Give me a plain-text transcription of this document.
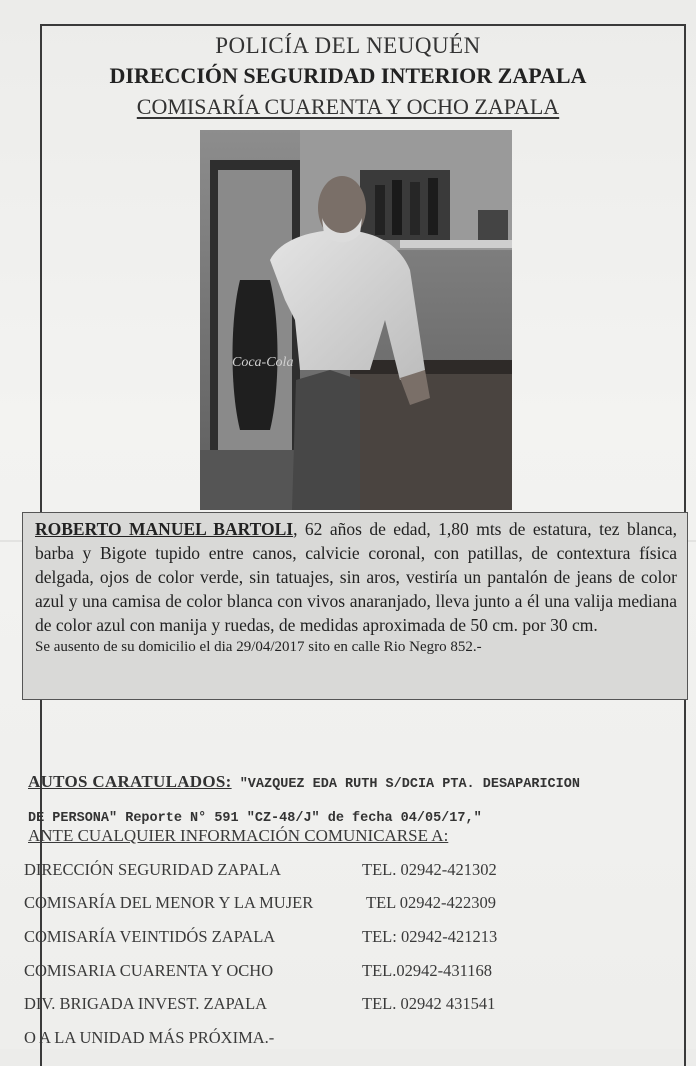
POLICÍA DEL NEUQUÉN
DIRECCIÓN SEGURIDAD INTERIOR ZAPALA
COMISARÍA CUARENTA Y OCHO ZAPALA
Coca-Cola
ROBERTO MANUEL BARTOLI, 62 años de edad, 1,80 mts de estatura, tez blanca, barba y Bigote tupido entre canos, calvicie coronal, con patillas, de contextura física delgada, ojos de color verde, sin tatuajes, sin aros, vestiría un pantalón de jeans de color azul y una camisa de color blanca con vivos anaranjado, lleva junto a él una valija mediana de color azul con manija y ruedas, de medidas aproximada de 50 cm. por 30 cm.
Se ausento de su domicilio el dia 29/04/2017 sito en calle Rio Negro 852.-
AUTOS CARATULADOS: "VAZQUEZ EDA RUTH S/DCIA PTA. DESAPARICION
DE PERSONA" Reporte N° 591 "CZ-48/J" de fecha 04/05/17,"
ANTE CUALQUIER INFORMACIÓN COMUNICARSE A:
DIRECCIÓN SEGURIDAD ZAPALA	TEL. 02942-421302
COMISARÍA DEL MENOR Y LA MUJER	TEL 02942-422309
COMISARÍA VEINTIDÓS ZAPALA	TEL: 02942-421213
COMISARIA CUARENTA Y OCHO	TEL.02942-431168
DIV. BRIGADA INVEST. ZAPALA	TEL. 02942 431541
O A LA UNIDAD MÁS PRÓXIMA.-
